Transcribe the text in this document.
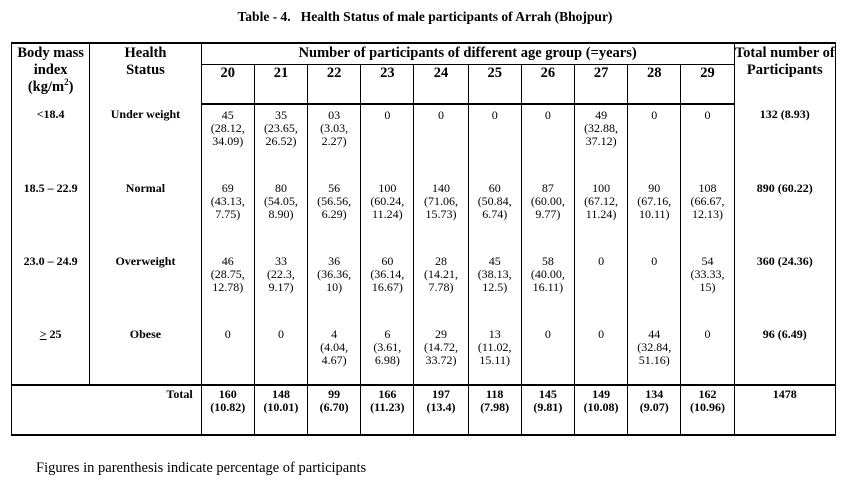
Table - 4.   Health Status of male participants of Arrah (Bhojpur)
Body mass index
$(kg/m^2)$	Health Status	Number of participants of different age group (=years)										Total number of Participants
		20	21	22	23	24	25	26	27	28	29	
<18.4	Under weight	45
(28.12,
34.09)	35
(23.65,
26.52)	03
(3.03,
2.27)	0	0	0	0	49
(32.88,
37.12)	0	0	132 (8.93)
18.5 – 22.9	Normal	69
(43.13,
7.75)	80
(54.05,
8.90)	56
(56.56,
6.29)	100
(60.24,
11.24)	140
(71.06,
15.73)	60
(50.84,
6.74)	87
(60.00,
9.77)	100
(67.12,
11.24)	90
(67.16,
10.11)	108
(66.67,
12.13)	890 (60.22)
23.0 – 24.9	Overweight	46
(28.75,
12.78)	33
(22.3,
9.17)	36
(36.36,
10)	60
(36.14,
16.67)	28
(14.21,
7.78)	45
(38.13,
12.5)	58
(40.00,
16.11)	0	0	54
(33.33,
15)	360 (24.36)
> 25	Obese	0	0	4
(4.04,
4.67)	6
(3.61,
6.98)	29
(14.72,
33.72)	13
(11.02,
15.11)	0	0	44
(32.84,
51.16)	0	96 (6.49)
Total		160
(10.82)	148
(10.01)	99
(6.70)	166
(11.23)	197
(13.4)	118
(7.98)	145
(9.81)	149
(10.08)	134
(9.07)	162
(10.96)	1478
Figures in parenthesis indicate percentage of participants
